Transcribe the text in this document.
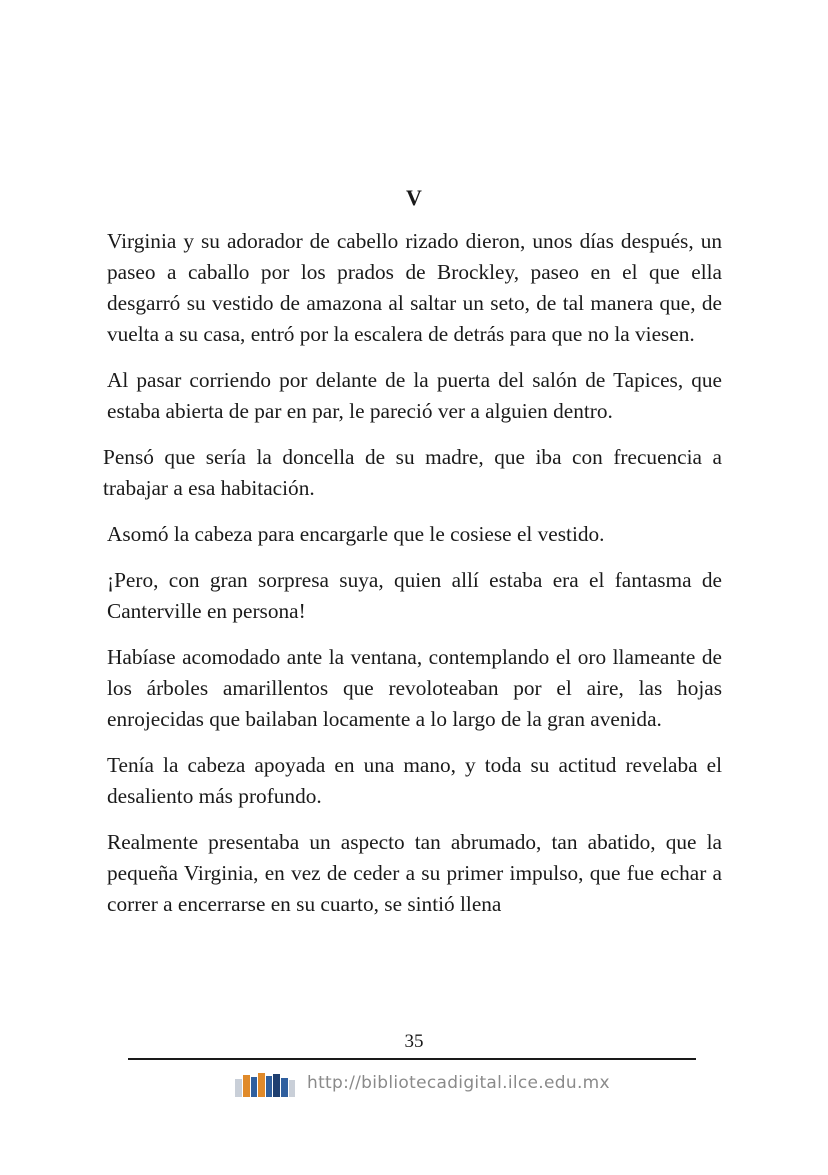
V

Virginia y su adorador de cabello rizado dieron, unos días después, un paseo a caballo por los prados de Brockley, paseo en el que ella desgarró su vestido de amazona al saltar un seto, de tal manera que, de vuelta a su casa, entró por la escalera de detrás para que no la viesen.

Al pasar corriendo por delante de la puerta del salón de Tapices, que estaba abierta de par en par, le pareció ver a alguien dentro.

Pensó que sería la doncella de su madre, que iba con frecuencia a trabajar a esa habitación.

Asomó la cabeza para encargarle que le cosiese el vestido.

¡Pero, con gran sorpresa suya, quien allí estaba era el fantasma de Canterville en persona!

Habíase acomodado ante la ventana, contemplando el oro llameante de los árboles amarillentos que revoloteaban por el aire, las hojas enrojecidas que bailaban locamente a lo largo de la gran avenida.

Tenía la cabeza apoyada en una mano, y toda su actitud revelaba el desaliento más profundo.

Realmente presentaba un aspecto tan abrumado, tan abatido, que la pequeña Virginia, en vez de ceder a su primer impulso, que fue echar a correr a encerrarse en su cuarto, se sintió llena

35
http://bibliotecadigital.ilce.edu.mx
